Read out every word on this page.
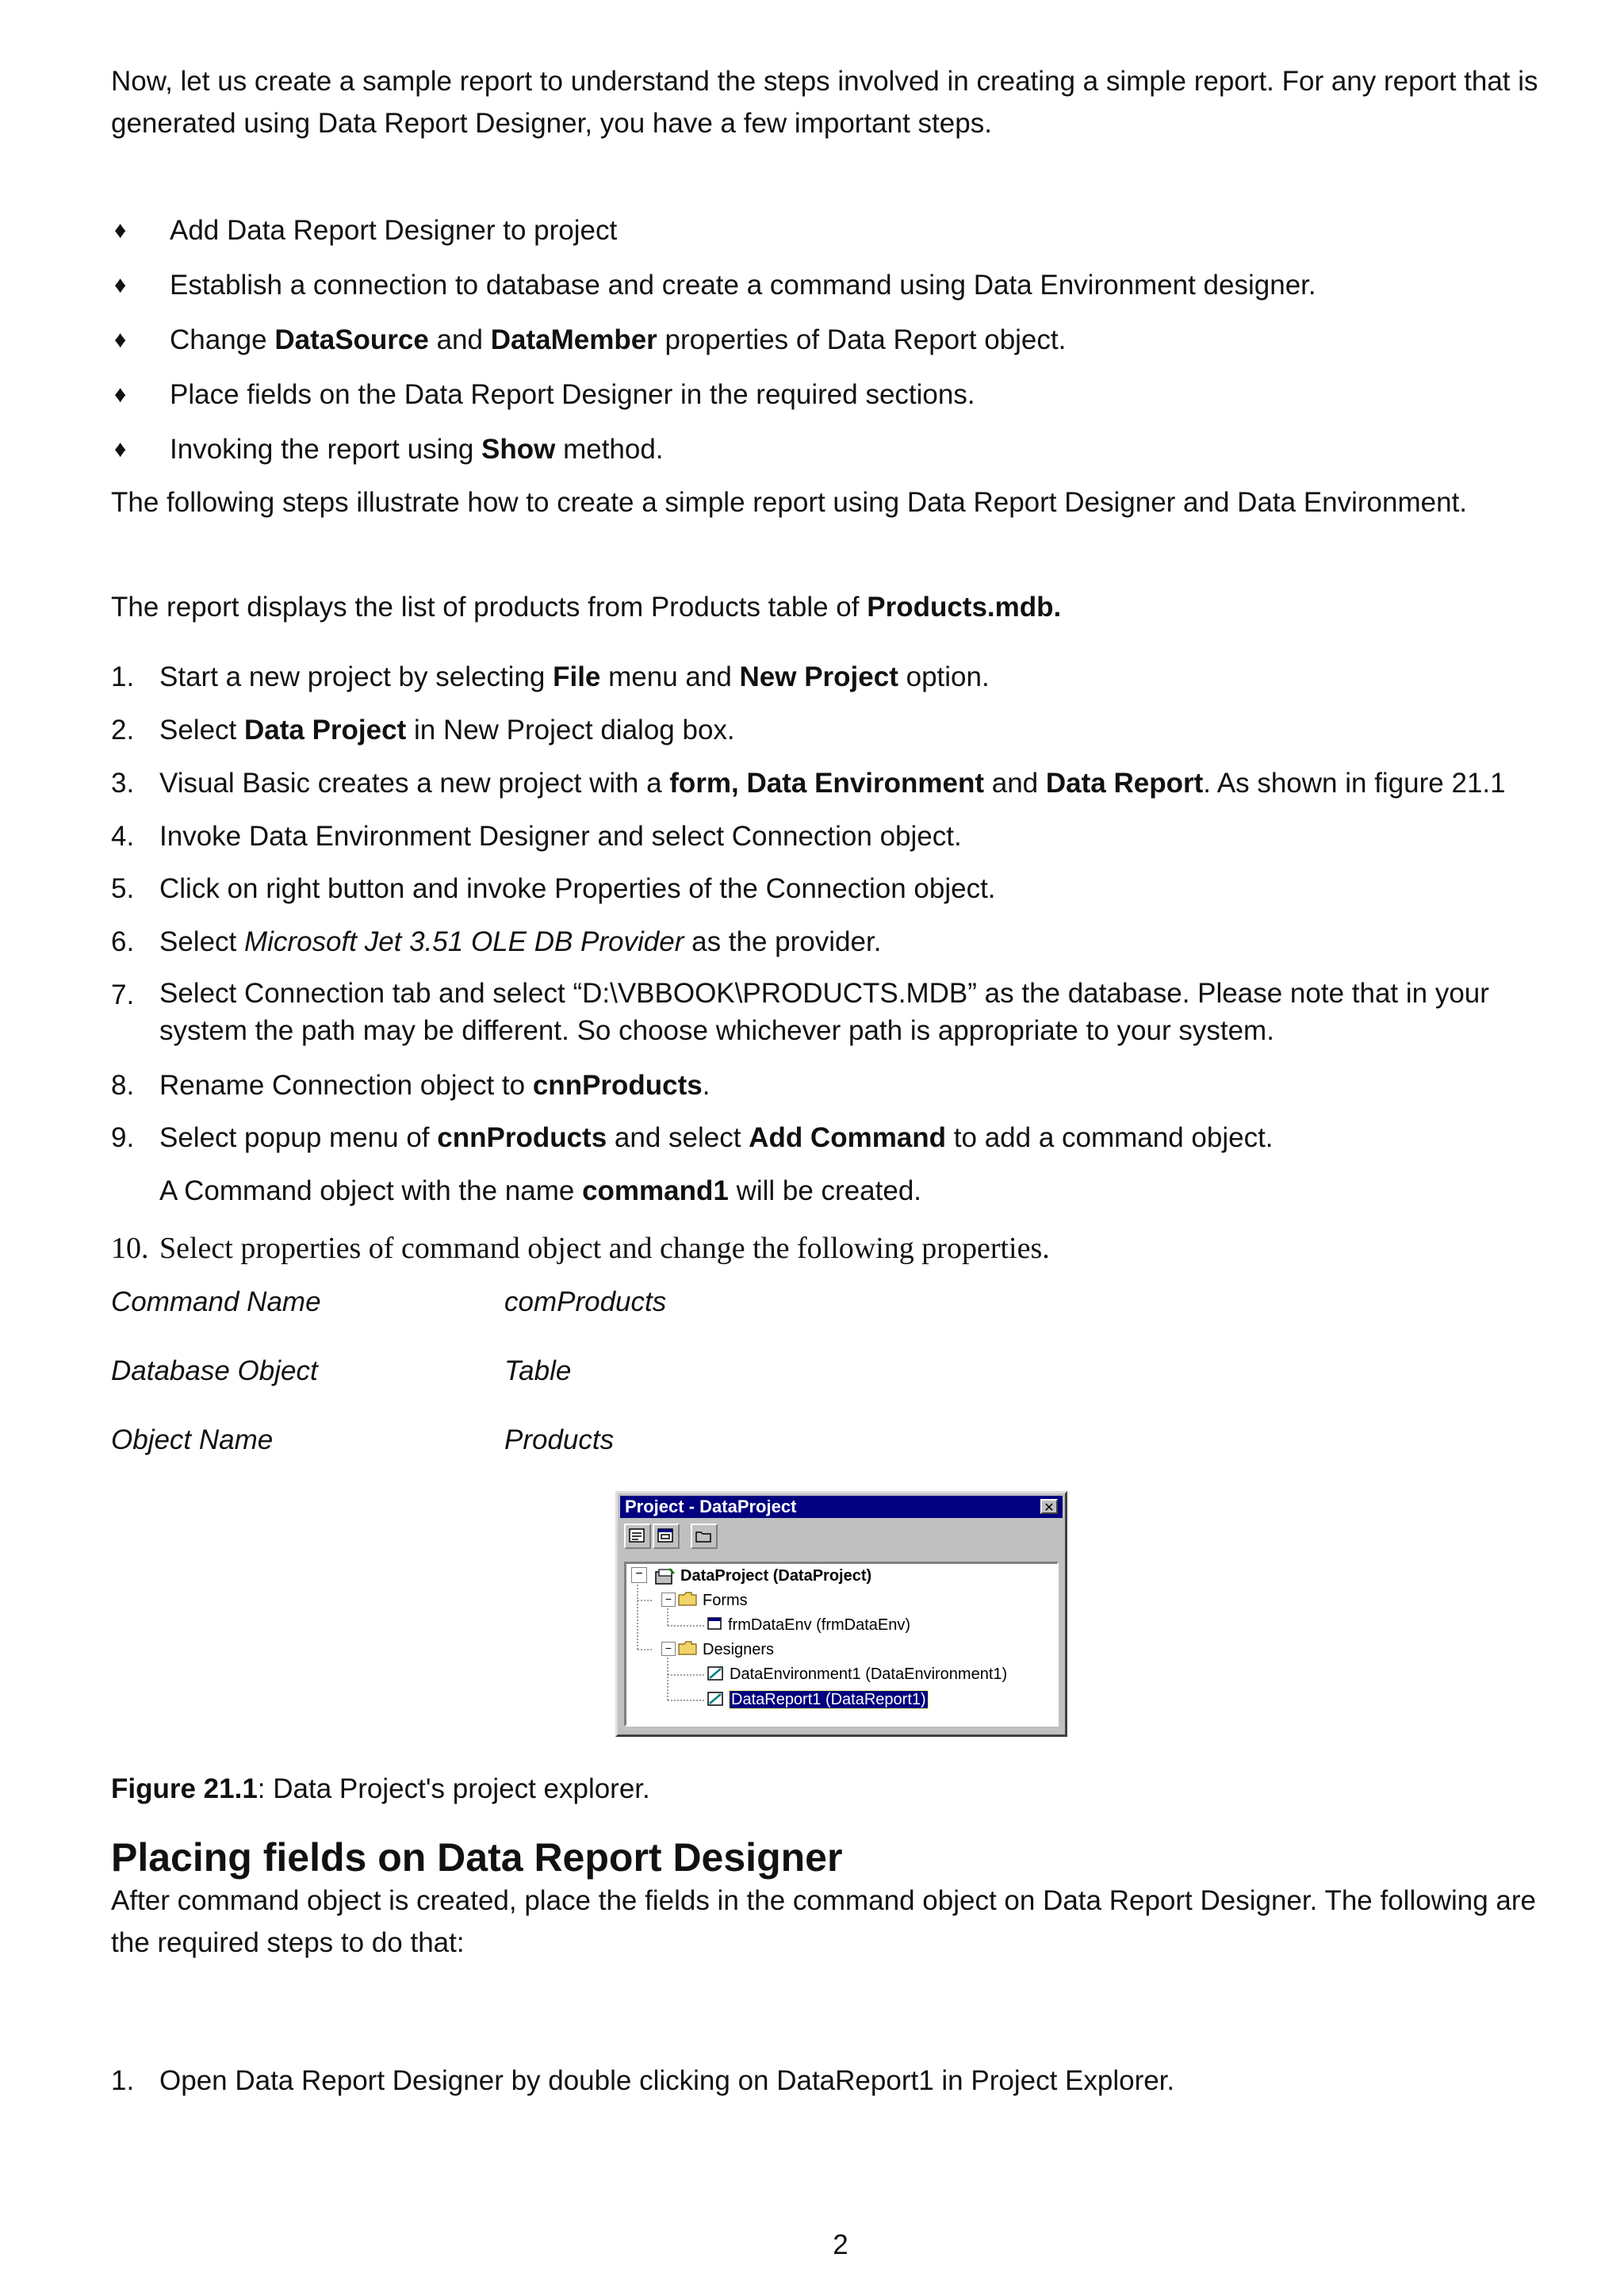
Now, let us create a sample report to understand the steps involved in creating a simple report. For any report that is generated using Data Report Designer, you have a few important steps.
♦ Add Data Report Designer to project
♦ Establish a connection to database and create a command using Data Environment designer.
♦ Change DataSource and DataMember properties of Data Report object.
♦ Place fields on the Data Report Designer in the required sections.
♦ Invoking the report using Show method.
The following steps illustrate how to create a simple report using Data Report Designer and Data Environment.
The report displays the list of products from Products table of Products.mdb.
1. Start a new project by selecting File menu and New Project option.
2. Select Data Project in New Project dialog box.
3. Visual Basic creates a new project with a form, Data Environment and Data Report. As shown in figure 21.1
4. Invoke Data Environment Designer and select Connection object.
5. Click on right button and invoke Properties of the Connection object.
6. Select Microsoft Jet 3.51 OLE DB Provider as the provider.
7. Select Connection tab and select “D:\VBBOOK\PRODUCTS.MDB” as the database. Please note that in your system the path may be different. So choose whichever path is appropriate to your system.
8. Rename Connection object to cnnProducts.
9. Select popup menu of cnnProducts and select Add Command to add a command object.
A Command object with the name command1 will be created.
10. Select properties of command object and change the following properties.
Command Name	comProducts
Database Object	Table
Object Name	Products
Project - DataProject	✕
− DataProject (DataProject)
− Forms
frmDataEnv (frmDataEnv)
− Designers
DataEnvironment1 (DataEnvironment1)
DataReport1 (DataReport1)
Figure 21.1: Data Project's project explorer.
Placing fields on Data Report Designer
After command object is created, place the fields in the command object on Data Report Designer. The following are the required steps to do that:
1. Open Data Report Designer by double clicking on DataReport1 in Project Explorer.
2
